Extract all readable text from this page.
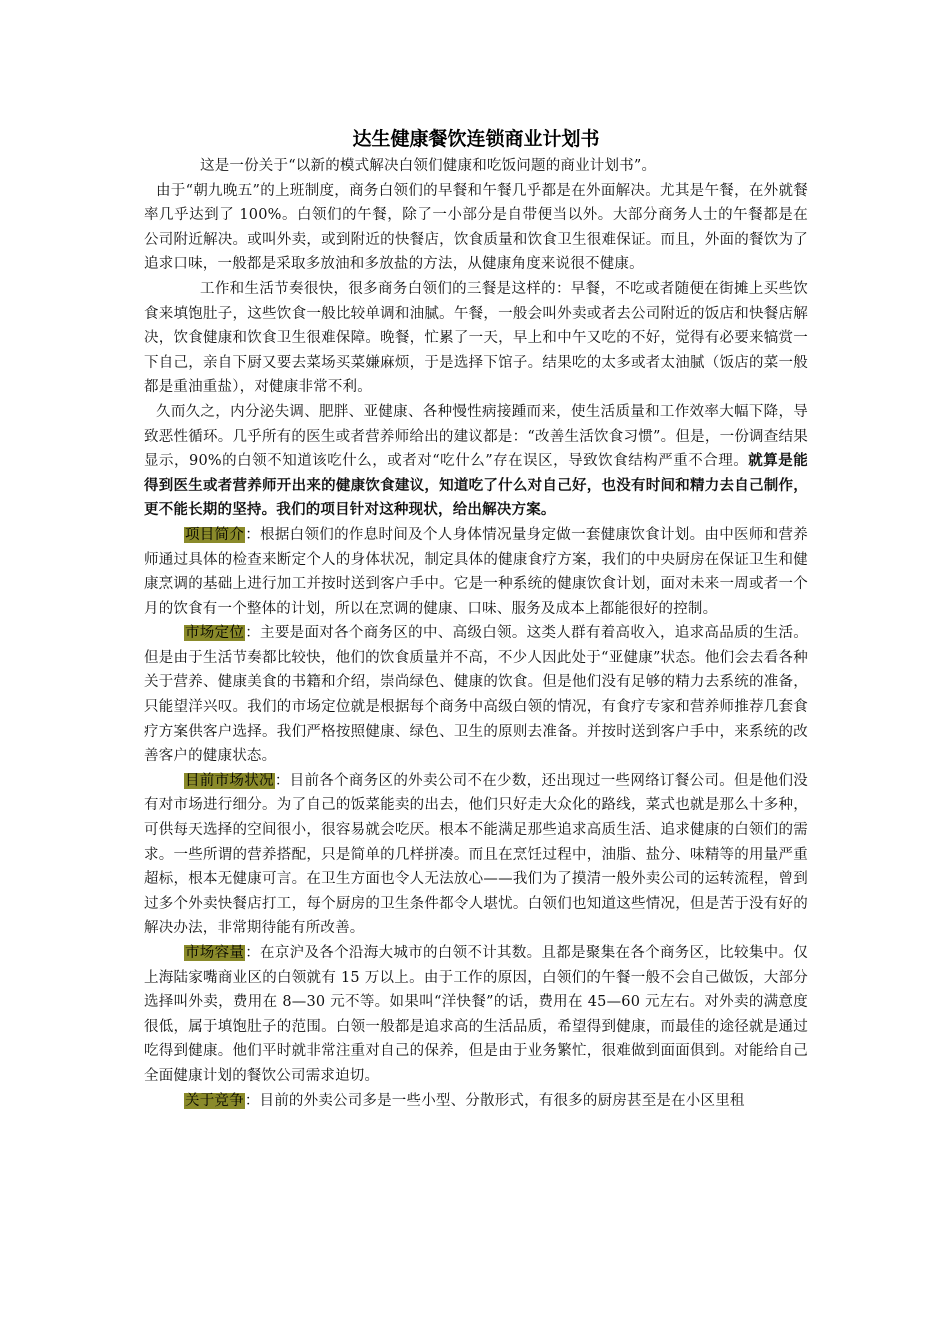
达生健康餐饮连锁商业计划书

这是一份关于“以新的模式解决白领们健康和吃饭问题的商业计划书”。

由于“朝九晚五”的上班制度，商务白领们的早餐和午餐几乎都是在外面解决。尤其是午餐，在外就餐率几乎达到了 100%。白领们的午餐，除了一小部分是自带便当以外。大部分商务人士的午餐都是在公司附近解决。或叫外卖，或到附近的快餐店，饮食质量和饮食卫生很难保证。而且，外面的餐饮为了追求口味，一般都是采取多放油和多放盐的方法，从健康角度来说很不健康。

工作和生活节奏很快，很多商务白领们的三餐是这样的：早餐，不吃或者随便在街摊上买些饮食来填饱肚子，这些饮食一般比较单调和油腻。午餐，一般会叫外卖或者去公司附近的饭店和快餐店解决，饮食健康和饮食卫生很难保障。晚餐，忙累了一天，早上和中午又吃的不好，觉得有必要来犒赏一下自己，亲自下厨又要去菜场买菜嫌麻烦，于是选择下馆子。结果吃的太多或者太油腻（饭店的菜一般都是重油重盐），对健康非常不利。

久而久之，内分泌失调、肥胖、亚健康、各种慢性病接踵而来，使生活质量和工作效率大幅下降，导致恶性循环。几乎所有的医生或者营养师给出的建议都是：“改善生活饮食习惯”。但是，一份调查结果显示，90%的白领不知道该吃什么，或者对“吃什么”存在误区，导致饮食结构严重不合理。就算是能得到医生或者营养师开出来的健康饮食建议，知道吃了什么对自己好，也没有时间和精力去自己制作，更不能长期的坚持。我们的项目针对这种现状，给出解决方案。

项目简介：根据白领们的作息时间及个人身体情况量身定做一套健康饮食计划。由中医师和营养师通过具体的检查来断定个人的身体状况，制定具体的健康食疗方案，我们的中央厨房在保证卫生和健康烹调的基础上进行加工并按时送到客户手中。它是一种系统的健康饮食计划，面对未来一周或者一个月的饮食有一个整体的计划，所以在烹调的健康、口味、服务及成本上都能很好的控制。

市场定位：主要是面对各个商务区的中、高级白领。这类人群有着高收入，追求高品质的生活。但是由于生活节奏都比较快，他们的饮食质量并不高，不少人因此处于“亚健康”状态。他们会去看各种关于营养、健康美食的书籍和介绍，崇尚绿色、健康的饮食。但是他们没有足够的精力去系统的准备，只能望洋兴叹。我们的市场定位就是根据每个商务中高级白领的情况，有食疗专家和营养师推荐几套食疗方案供客户选择。我们严格按照健康、绿色、卫生的原则去准备。并按时送到客户手中，来系统的改善客户的健康状态。

目前市场状况：目前各个商务区的外卖公司不在少数，还出现过一些网络订餐公司。但是他们没有对市场进行细分。为了自己的饭菜能卖的出去，他们只好走大众化的路线，菜式也就是那么十多种，可供每天选择的空间很小，很容易就会吃厌。根本不能满足那些追求高质生活、追求健康的白领们的需求。一些所谓的营养搭配，只是简单的几样拼凑。而且在烹饪过程中，油脂、盐分、味精等的用量严重超标，根本无健康可言。在卫生方面也令人无法放心——我们为了摸清一般外卖公司的运转流程，曾到过多个外卖快餐店打工，每个厨房的卫生条件都令人堪忧。白领们也知道这些情况，但是苦于没有好的解决办法，非常期待能有所改善。

市场容量：在京沪及各个沿海大城市的白领不计其数。且都是聚集在各个商务区，比较集中。仅上海陆家嘴商业区的白领就有 15 万以上。由于工作的原因，白领们的午餐一般不会自己做饭，大部分选择叫外卖，费用在 8—30 元不等。如果叫“洋快餐”的话，费用在 45—60 元左右。对外卖的满意度很低，属于填饱肚子的范围。白领一般都是追求高的生活品质，希望得到健康，而最佳的途径就是通过吃得到健康。他们平时就非常注重对自己的保养，但是由于业务繁忙，很难做到面面俱到。对能给自己全面健康计划的餐饮公司需求迫切。

关于竞争：目前的外卖公司多是一些小型、分散形式，有很多的厨房甚至是在小区里租
